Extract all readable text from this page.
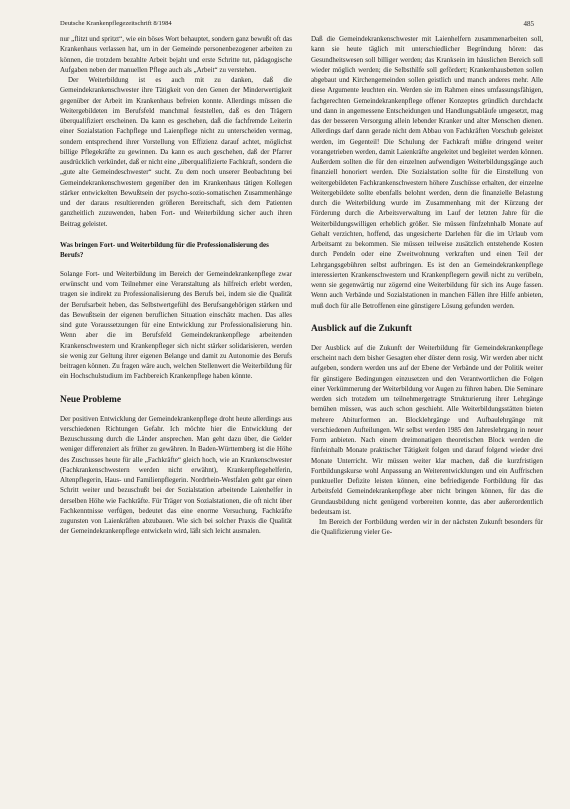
Deutsche Krankenpflegezeitschrift 8/1984	485

nur „flitzt und spritzt“, wie ein böses Wort behauptet, sondern ganz bewußt oft das Krankenhaus verlassen hat, um in der Gemeinde personenbezogener arbeiten zu können, die trotzdem bezahlte Arbeit bejaht und erste Schritte tut, pädagogische Aufgaben neben der manuellen Pflege auch als „Arbeit“ zu verstehen.

Der Weiterbildung ist es auch mit zu danken, daß die Gemeindekrankenschwester ihre Tätigkeit von den Genen der Minderwertigkeit gegenüber der Arbeit im Krankenhaus befreien konnte. Allerdings müssen die Weitergebildeten im Berufsfeld manchmal feststellen, daß es den Trägern überqualifiziert erscheinen. Da kann es geschehen, daß die fachfremde Leiterin einer Sozialstation Fachpflege und Laienpflege nicht zu unterscheiden vermag, sondern entsprechend ihrer Vorstellung von Effizienz darauf achtet, möglichst billige Pflegekräfte zu gewinnen. Da kann es auch geschehen, daß der Pfarrer ausdrücklich verkündet, daß er nicht eine „überqualifizierte Fachkraft, sondern die „gute alte Gemeindeschwester“ sucht. Zu dem noch unserer Beobachtung bei Gemeindekrankenschwestern gegenüber den im Krankenhaus tätigen Kollegen stärker entwickelten Bewußtsein der psycho-sozio-somatischen Zusammenhänge und der daraus resultierenden größeren Bereitschaft, sich dem Patienten ganzheitlich zuzuwenden, haben Fort- und Weiterbildung sicher auch ihren Beitrag geleistet.

Was bringen Fort- und Weiterbildung für die Professionalisierung des Berufs?

Solange Fort- und Weiterbildung im Bereich der Gemeindekrankenpflege zwar erwünscht und vom Teilnehmer eine Veranstaltung als hilfreich erlebt werden, tragen sie indirekt zu Professionalisierung des Berufs bei, indem sie die Qualität der Berufsarbeit heben, das Selbstwertgefühl des Berufsangehörigen stärken und das Bewußtsein der eigenen beruflichen Situation einschätz machen. Das alles sind gute Voraussetzungen für eine Entwicklung zur Professionalisierung hin. Wenn aber die im Berufsfeld Gemeindekrankenpflege arbeitenden Krankenschwestern und Krankenpfleger sich nicht stärker solidarisieren, werden sie wenig zur Geltung ihrer eigenen Belange und damit zu Autonomie des Berufs beitragen können. Zu fragen wäre auch, welchen Stellenwert die Weiterbildung für ein Hochschulstudium im Fachbereich Krankenpflege haben könnte.

Neue Probleme

Der positiven Entwicklung der Gemeindekrankenpflege droht heute allerdings aus verschiedenen Richtungen Gefahr. Ich möchte hier die Entwicklung der Bezuschussung durch die Länder ansprechen. Man geht dazu über, die Gelder weniger differenziert als früher zu gewähren. In Baden-Württemberg ist die Höhe des Zuschusses heute für alle „Fachkräfte“ gleich hoch, wie an Krankenschwester (Fachkrankenschwestern werden nicht erwähnt), Krankenpflegehelferin, Altenpflegerin, Haus- und Familienpflegerin. Nordrhein-Westfalen geht gar einen Schritt weiter und bezuschußt bei der Sozialstation arbeitende Laienhelfer in derselben Höhe wie Fachkräfte. Für Träger von Sozialstationen, die oft nicht über Fachkenntnisse verfügen, bedeutet das eine enorme Versuchung, Fachkräfte zugunsten von Laienkräften abzubauen. Wie sich bei solcher Praxis die Qualität der Gemeindekrankenpflege entwickeln wird, läßt sich leicht ausmalen.

Daß die Gemeindekrankenschwester mit Laienhelfern zusammenarbeiten soll, kann sie heute täglich mit unterschiedlicher Begründung hören: das Gesundheitswesen soll billiger werden; das Kranksein im häuslichen Bereich soll wieder möglich werden; die Selbsthilfe soll gefördert; Krankenhausbetten sollen abgebaut und Kirchengemeinden sollen geistlich und manch anderes mehr. Alle diese Argumente leuchten ein. Werden sie im Rahmen eines umfassungsfähigen, fachgerechten Gemeindekrankenpflege offener Konzeptes gründlich durchdacht und dann in angemessene Entscheidungen und Handlungsabläufe umgesetzt, mag das der besseren Versorgung allein lebender Kranker und alter Menschen dienen. Allerdings darf dann gerade nicht dem Abbau von Fachkräften Vorschub geleistet werden, im Gegenteil! Die Schulung der Fachkraft müßte dringend weiter vorangetrieben werden, damit Laienkräfte angeleitet und begleitet werden können. Außerdem sollten die für den einzelnen aufwendigen Weiterbildungsgänge auch finanziell honoriert werden. Die Sozialstation sollte für die Einstellung von weitergebildeten Fachkrankenschwestern höhere Zuschüsse erhalten, der einzelne Weitergebildete sollte ebenfalls belohnt werden, denn die finanzielle Belastung durch die Weiterbildung wurde im Zusammenhang mit der Kürzung der Förderung durch die Arbeitsverwaltung im Lauf der letzten Jahre für die Weiterbildungswilligen erheblich größer. Sie müssen fünfzehnhalb Monate auf Gehalt verzichten, hoffend, das ungesicherte Darlehen für die im Urlaub vom Arbeitsamt zu bekommen. Sie müssen teilweise zusätzlich entstehende Kosten durch Pendeln oder eine Zweitwohnung verkraften und einen Teil der Lehrgangsgebühren selbst aufbringen. Es ist den an Gemeindekrankenpflege interessierten Krankenschwestern und Krankenpflegern gewiß nicht zu verübeln, wenn sie gegenwärtig nur zögernd eine Weiterbildung für sich ins Auge fassen. Wenn auch Verbände und Sozialstationen in manchen Fällen ihre Hilfe anbieten, muß doch für alle Betroffenen eine günstigere Lösung gefunden werden.

Ausblick auf die Zukunft

Der Ausblick auf die Zukunft der Weiterbildung für Gemeindekrankenpflege erscheint nach dem bisher Gesagten eher düster denn rosig. Wir werden aber nicht aufgeben, sondern werden uns auf der Ebene der Verbände und der Politik weiter für günstigere Bedingungen einzusetzen und den Verantwortlichen die Folgen einer Verkümmerung der Weiterbildung vor Augen zu führen haben. Die Seminare werden sich trotzdem um teilnehmergetragte Strukturierung ihrer Lehrgänge bemühen müssen, was auch schon geschieht. Alle Weiterbildungsstätten bieten mehrere Abiturformen an. Blocklehrgänge und Aufbaulehrgänge mit verschiedenen Aufteilungen. Wir selbst werden 1985 den Jahreslehrgang in neuer Form anbieten. Nach einem dreimonatigen theoretischen Block werden die fünfeinhalb Monate praktischer Tätigkeit folgen und darauf folgend wieder drei Monate Unterricht. Wir müssen weiter klar machen, daß die kurzfristigen Fortbildungskurse wohl Anpassung an Weiterentwicklungen und ein Auffrischen punktueller Defizite leisten können, eine befriedigende Fortbildung für das Arbeitsfeld Gemeindekrankenpflege aber nicht bringen können, für das die Grundausbildung nicht genügend vorbereiten konnte, das aber außerordentlich bedeutsam ist.

Im Bereich der Fortbildung werden wir in der nächsten Zukunft besonders für die Qualifizierung vieler Ge-
